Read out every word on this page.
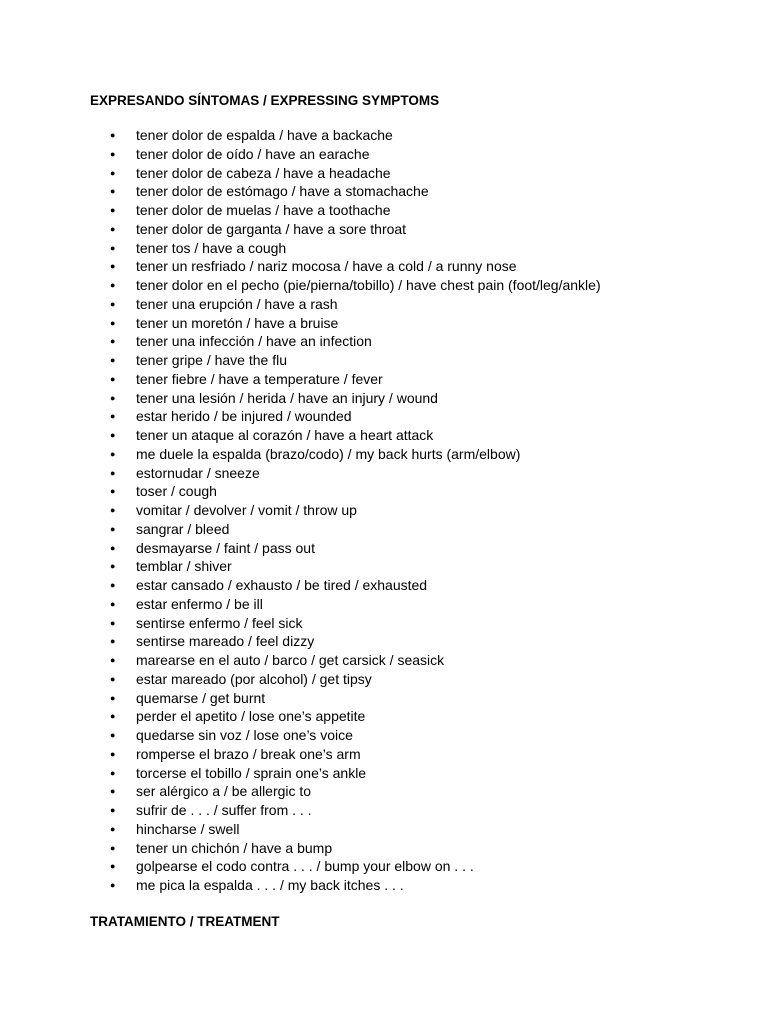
EXPRESANDO SÍNTOMAS / EXPRESSING SYMPTOMS
● tener dolor de espalda / have a backache
● tener dolor de oído / have an earache
● tener dolor de cabeza / have a headache
● tener dolor de estómago / have a stomachache
● tener dolor de muelas / have a toothache
● tener dolor de garganta / have a sore throat
● tener tos / have a cough
● tener un resfriado / nariz mocosa / have a cold / a runny nose
● tener dolor en el pecho (pie/pierna/tobillo) / have chest pain (foot/leg/ankle)
● tener una erupción / have a rash
● tener un moretón / have a bruise
● tener una infección / have an infection
● tener gripe / have the flu
● tener fiebre / have a temperature / fever
● tener una lesión / herida / have an injury / wound
● estar herido / be injured / wounded
● tener un ataque al corazón / have a heart attack
● me duele la espalda (brazo/codo) / my back hurts (arm/elbow)
● estornudar / sneeze
● toser / cough
● vomitar / devolver / vomit / throw up
● sangrar / bleed
● desmayarse / faint / pass out
● temblar / shiver
● estar cansado / exhausto / be tired / exhausted
● estar enfermo / be ill
● sentirse enfermo / feel sick
● sentirse mareado / feel dizzy
● marearse en el auto / barco / get carsick / seasick
● estar mareado (por alcohol) / get tipsy
● quemarse / get burnt
● perder el apetito / lose one’s appetite
● quedarse sin voz / lose one’s voice
● romperse el brazo / break one’s arm
● torcerse el tobillo / sprain one’s ankle
● ser alérgico a / be allergic to
● sufrir de . . . / suffer from . . .
● hincharse / swell
● tener un chichón / have a bump
● golpearse el codo contra . . . / bump your elbow on . . .
● me pica la espalda . . . / my back itches . . .
TRATAMIENTO / TREATMENT
